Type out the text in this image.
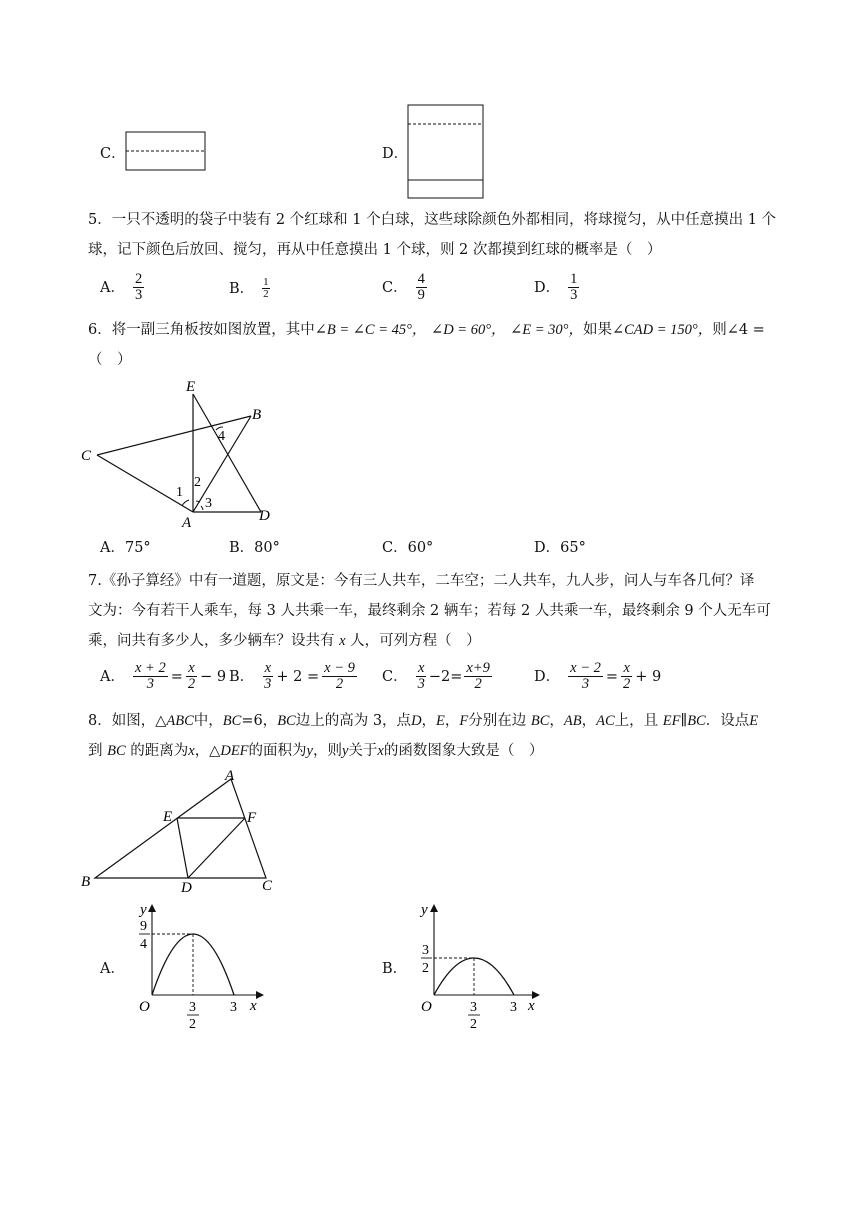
C．	D．

5．一只不透明的袋子中装有 2 个红球和 1 个白球，这些球除颜色外都相同，将球搅匀，从中任意摸出 1 个

球，记下颜色后放回、搅匀，再从中任意摸出 1 个球，则 2 次都摸到红球的概率是（　）

A． $\frac{2}{3}$	B． $\frac{1}{2}$	C． $\frac{4}{9}$	D． $\frac{1}{3}$

6．将一副三角板按如图放置，其中∠B = ∠C = 45°， ∠D = 60°， ∠E = 30°，如果∠CAD = 150°，则∠4 =

（　）

E
B
C
A	D
1
2
3
4
A．75°	B．80°	C．60°	D．65°

7.《孙子算经》中有一道题，原文是：今有三人共车，二车空；二人共车，九人步，问人与车各几何？译

文为：今有若干人乘车，每 3 人共乘一车，最终剩余 2 辆车；若每 2 人共乘一车，最终剩余 9 个人无车可

乘，问共有多少人，多少辆车？设共有 x 人，可列方程（　）

A． $\frac{x + 2}{3} = \frac{x}{2} - 9$ B． $\frac{x}{3} + 2 = \frac{x - 9}{2}$ C． $\frac{x}{3} -2= \frac{x+9}{2}$	D． $\frac{x - 2}{3} = \frac{x}{2} + 9$

8．如图，△ABC中，BC=6，BC边上的高为 3，点D，E，F分别在边 BC，AB，AC上，且 EF∥BC．设点E

到 BC 的距离为x，△DEF的面积为y，则y关于x的函数图象大致是（　）

A
B	C
D
E	F
A．
y
x
O
9
4
3
2
3
B．
y
x
O
3
2
3
2
3
